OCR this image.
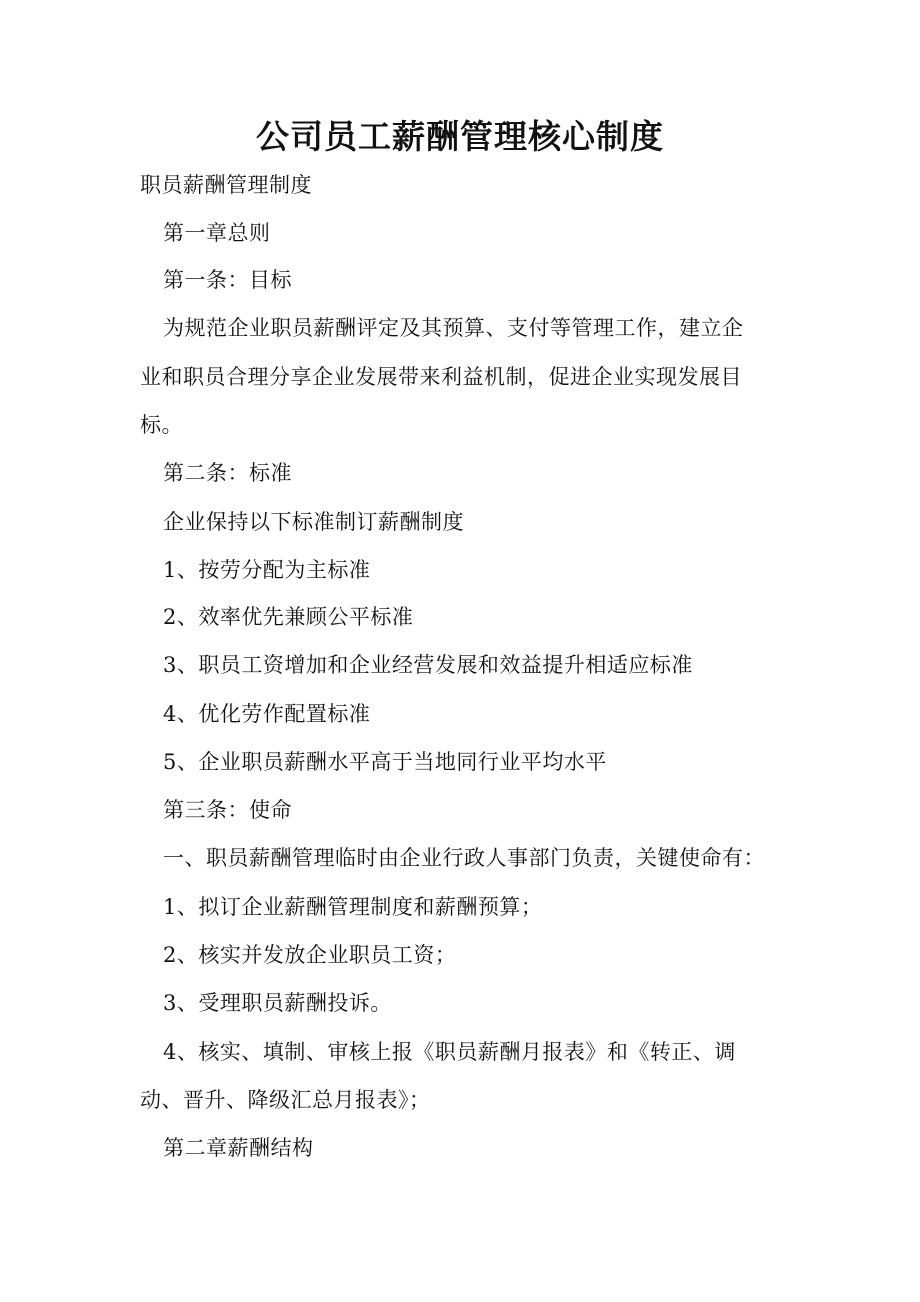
公司员工薪酬管理核心制度

职员薪酬管理制度

第一章总则

第一条：目标

为规范企业职员薪酬评定及其预算、支付等管理工作，建立企

业和职员合理分享企业发展带来利益机制，促进企业实现发展目

标。

第二条：标准

企业保持以下标准制订薪酬制度

1、按劳分配为主标准

2、效率优先兼顾公平标准

3、职员工资增加和企业经营发展和效益提升相适应标准

4、优化劳作配置标准

5、企业职员薪酬水平高于当地同行业平均水平

第三条：使命

一、职员薪酬管理临时由企业行政人事部门负责，关键使命有：

1、拟订企业薪酬管理制度和薪酬预算；

2、核实并发放企业职员工资；

3、受理职员薪酬投诉。

4、核实、填制、审核上报《职员薪酬月报表》和《转正、调

动、晋升、降级汇总月报表》；

第二章薪酬结构
